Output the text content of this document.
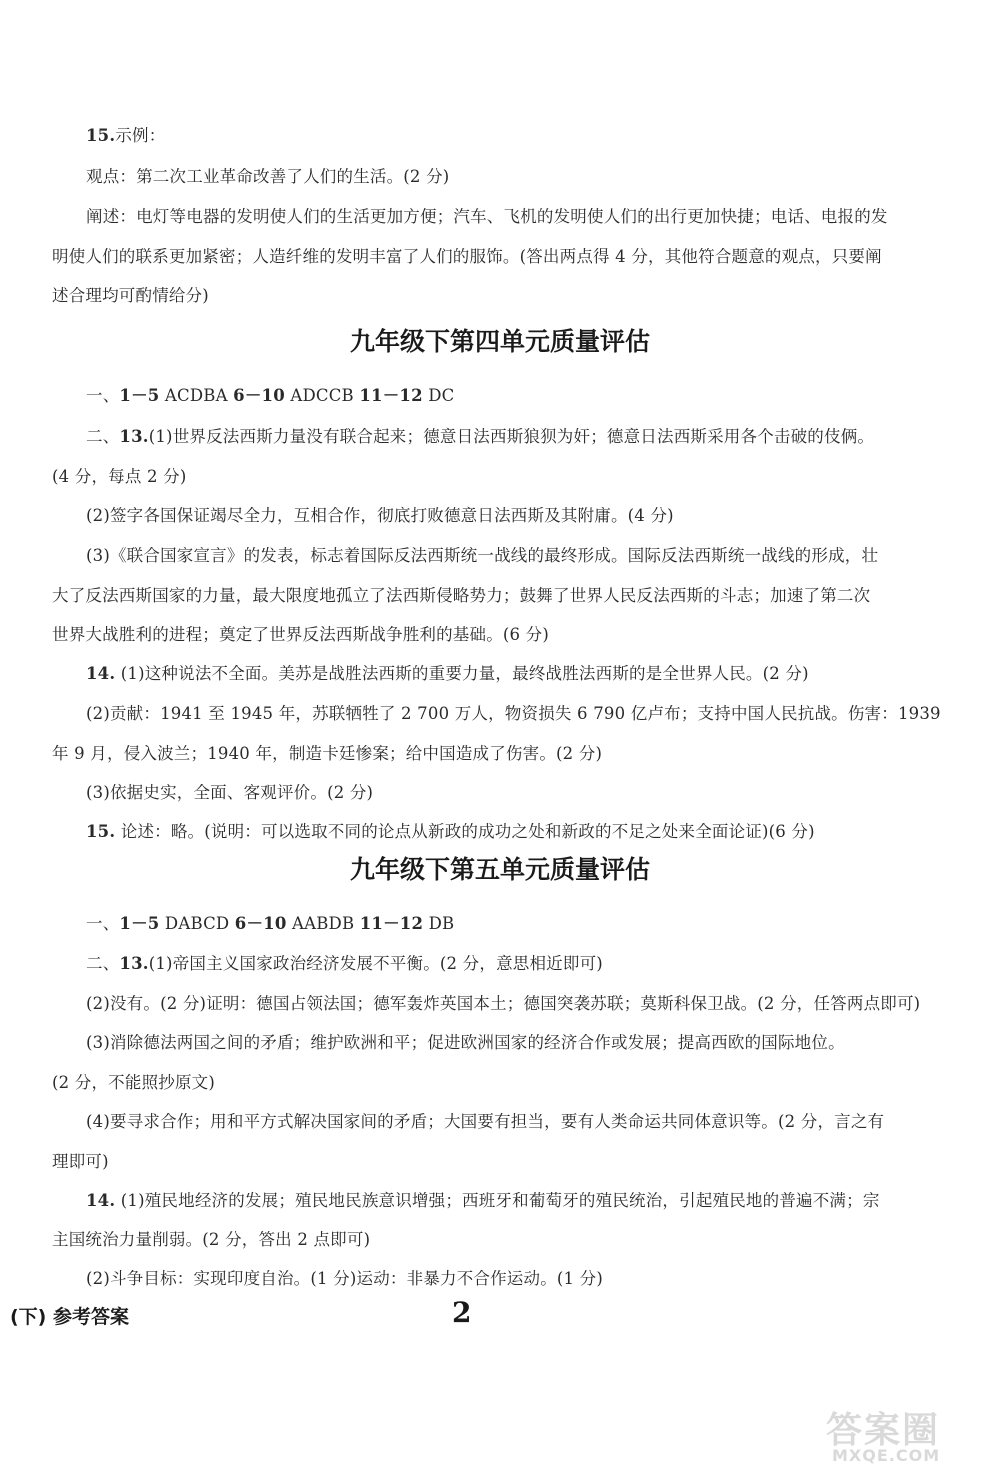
15.示例：
观点：第二次工业革命改善了人们的生活。(2 分)
阐述：电灯等电器的发明使人们的生活更加方便；汽车、飞机的发明使人们的出行更加快捷；电话、电报的发
明使人们的联系更加紧密；人造纤维的发明丰富了人们的服饰。(答出两点得 4 分，其他符合题意的观点，只要阐
述合理均可酌情给分)
九年级下第四单元质量评估
一、1－5 ACDBA 6－10 ADCCB 11－12 DC
二、13.(1)世界反法西斯力量没有联合起来；德意日法西斯狼狈为奸；德意日法西斯采用各个击破的伎俩。
(4 分，每点 2 分)
(2)签字各国保证竭尽全力，互相合作，彻底打败德意日法西斯及其附庸。(4 分)
(3)《联合国家宣言》的发表，标志着国际反法西斯统一战线的最终形成。国际反法西斯统一战线的形成，壮
大了反法西斯国家的力量，最大限度地孤立了法西斯侵略势力；鼓舞了世界人民反法西斯的斗志；加速了第二次
世界大战胜利的进程；奠定了世界反法西斯战争胜利的基础。(6 分)
14. (1)这种说法不全面。美苏是战胜法西斯的重要力量，最终战胜法西斯的是全世界人民。(2 分)
(2)贡献：1941 至 1945 年，苏联牺牲了 2 700 万人，物资损失 6 790 亿卢布；支持中国人民抗战。伤害：1939
年 9 月，侵入波兰；1940 年，制造卡廷惨案；给中国造成了伤害。(2 分)
(3)依据史实，全面、客观评价。(2 分)
15. 论述：略。(说明：可以选取不同的论点从新政的成功之处和新政的不足之处来全面论证)(6 分)
九年级下第五单元质量评估
一、1－5 DABCD 6－10 AABDB 11－12 DB
二、13.(1)帝国主义国家政治经济发展不平衡。(2 分，意思相近即可)
(2)没有。(2 分)证明：德国占领法国；德军轰炸英国本土；德国突袭苏联；莫斯科保卫战。(2 分，任答两点即可)
(3)消除德法两国之间的矛盾；维护欧洲和平；促进欧洲国家的经济合作或发展；提高西欧的国际地位。
(2 分，不能照抄原文)
(4)要寻求合作；用和平方式解决国家间的矛盾；大国要有担当，要有人类命运共同体意识等。(2 分，言之有
理即可)
14. (1)殖民地经济的发展；殖民地民族意识增强；西班牙和葡萄牙的殖民统治，引起殖民地的普遍不满；宗
主国统治力量削弱。(2 分，答出 2 点即可)
(2)斗争目标：实现印度自治。(1 分)运动：非暴力不合作运动。(1 分)
(下) 参考答案	2
答案圈
MXQE.COM
